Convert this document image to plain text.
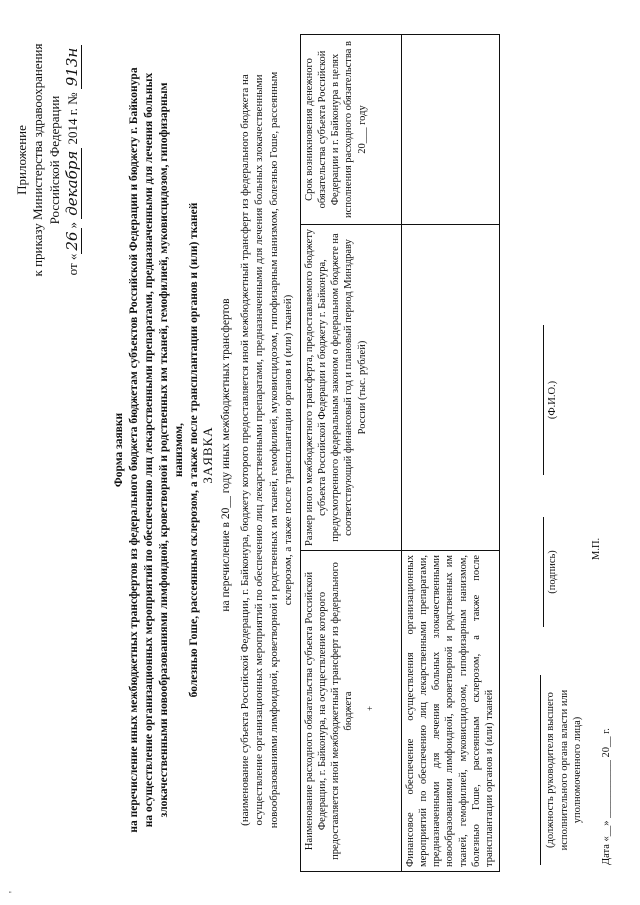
'
Приложение к приказу Министерства здравоохранения Российской Федерации
от «26» декабря 2014 г. № 913н
Форма заявки на перечисление иных межбюджетных трансфертов из федерального бюджета бюджетам субъектов Российской Федерации и бюджету г. Байконура на осуществление организационных мероприятий по обеспечению лиц лекарственными препаратами, предназначенными для лечения больных злокачественными новообразованиями лимфоидной, кроветворной и родственных им тканей, гемофилией, муковисцидозом, гипофизарным нанизмом, болезнью Гоше, рассеянным склерозом, а также после трансплантации органов и (или) тканей ЗАЯВКА на перечисление в 20__ году иных межбюджетных трансфертов (наименование субъекта Российской Федерации, г. Байконура, бюджету которого предоставляется иной межбюджетный трансферт из федерального бюджета на осуществление организационных мероприятий по обеспечению лиц лекарственными препаратами, предназначенными для лечения больных злокачественными новообразованиями лимфоидной, кроветворной и родственных им тканей, гемофилией, муковисцидозом, гипофизарным нанизмом, болезнью Гоше, рассеянным склерозом, а также после трансплантации органов и (или) тканей)
Наименование расходного обязательства субъекта Российской Федерации, г. Байконура, на осуществление которого предоставляется иной межбюджетный трансферт из федерального бюджета	+
Размер иного межбюджетного трансферта, предоставляемого бюджету субъекта Российской Федерации и бюджету г. Байконура, предусмотренного федеральным законом о федеральном бюджете на соответствующий финансовый год и плановый период Минздраву России (тыс. рублей)
Срок возникновения денежного обязательства субъекта Российской Федерации и г. Байконура в целях исполнения расходного обязательства в 20___ году
Финансовое обеспечение осуществления организационных мероприятий по обеспечению лиц лекарственными препаратами, предназначенными для лечения больных злокачественными новообразованиями лимфоидной, кроветворной и родственных им тканей, гемофилией, муковисцидозом, гипофизарным нанизмом, болезнью Гоше, рассеянным склерозом, а также после трансплантации органов и (или) тканей	(должность руководителя высшего исполнительного органа власти или уполномоченного лица)
(подпись)
(Ф.И.О.)
М.П.
Дата «__» ___________ 20__ г.
